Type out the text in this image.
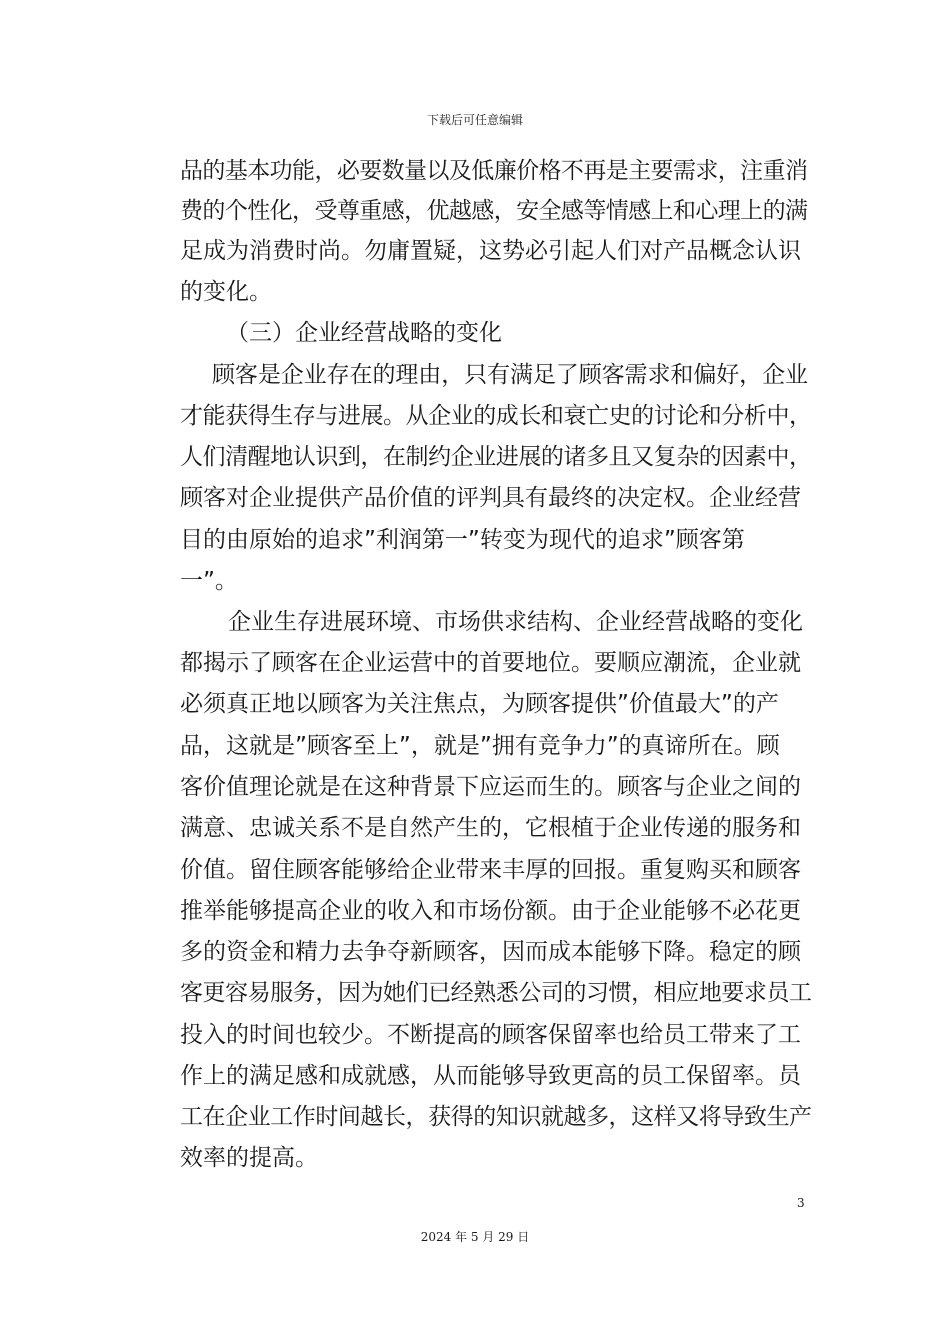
下载后可任意编辑
品的基本功能，必要数量以及低廉价格不再是主要需求，注重消
费的个性化，受尊重感，优越感，安全感等情感上和心理上的满
足成为消费时尚。勿庸置疑，这势必引起人们对产品概念认识
的变化。
（三）企业经营战略的变化
顾客是企业存在的理由，只有满足了顾客需求和偏好，企业
才能获得生存与进展。从企业的成长和衰亡史的讨论和分析中，
人们清醒地认识到，在制约企业进展的诸多且又复杂的因素中，
顾客对企业提供产品价值的评判具有最终的决定权。企业经营
目的由原始的追求”利润第一”转变为现代的追求”顾客第
一”。
企业生存进展环境、市场供求结构、企业经营战略的变化
都揭示了顾客在企业运营中的首要地位。要顺应潮流，企业就
必须真正地以顾客为关注焦点，为顾客提供”价值最大”的产
品，这就是”顾客至上”，就是”拥有竞争力”的真谛所在。顾
客价值理论就是在这种背景下应运而生的。顾客与企业之间的
满意、忠诚关系不是自然产生的，它根植于企业传递的服务和
价值。留住顾客能够给企业带来丰厚的回报。重复购买和顾客
推举能够提高企业的收入和市场份额。由于企业能够不必花更
多的资金和精力去争夺新顾客，因而成本能够下降。稳定的顾
客更容易服务，因为她们已经熟悉公司的习惯，相应地要求员工
投入的时间也较少。不断提高的顾客保留率也给员工带来了工
作上的满足感和成就感，从而能够导致更高的员工保留率。员
工在企业工作时间越长，获得的知识就越多，这样又将导致生产
效率的提高。
3
2024 年 5 月 29 日
